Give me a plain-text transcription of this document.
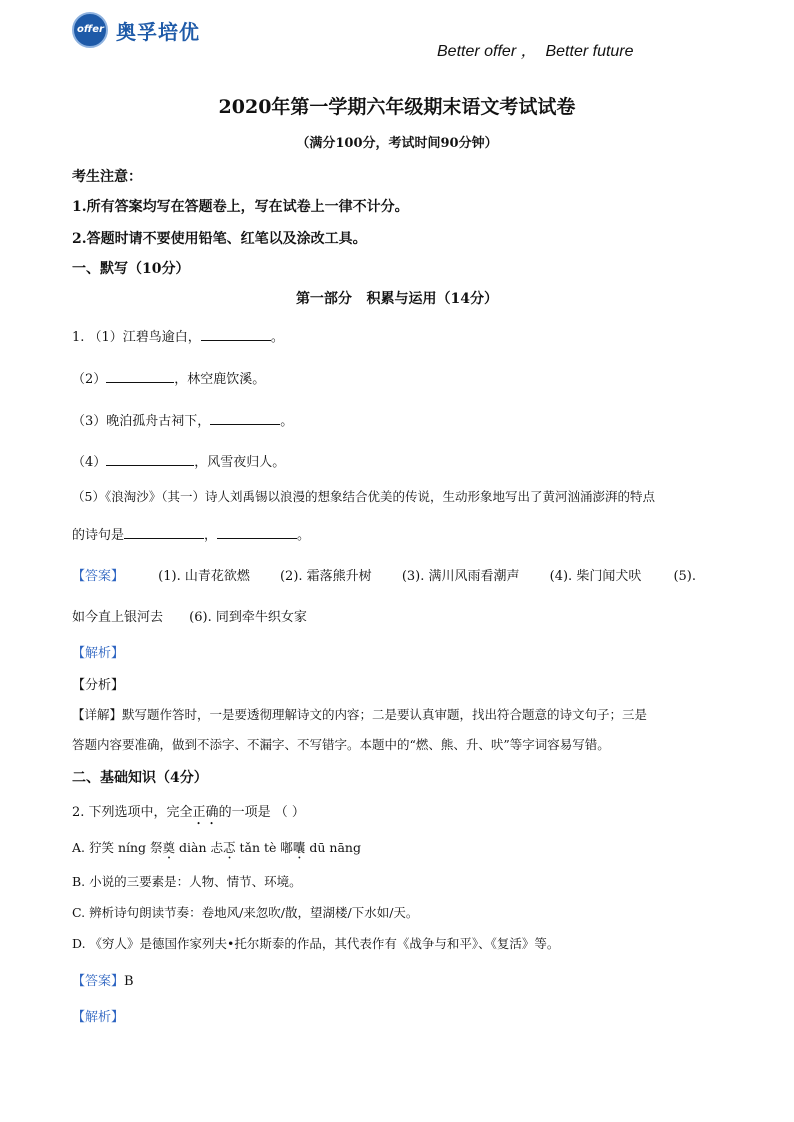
offer 奥孚培优
Better offer ，  Better future
2020年第一学期六年级期末语文考试试卷
（满分100分，考试时间90分钟）
考生注意：
1.所有答案均写在答题卷上，写在试卷上一律不计分。
2.答题时请不要使用铅笔、红笔以及涂改工具。
一、默写（10分）
第一部分   积累与运用（14分）
1. （1）江碧鸟逾白，	。
（2）	，林空鹿饮溪。
（3）晚泊孤舟古祠下，	。
（4）	，风雪夜归人。
（5）《浪淘沙》（其一）诗人刘禹锡以浪漫的想象结合优美的传说，生动形象地写出了黄河汹涌澎湃的特点
的诗句是	，	。
【答案】	(1). 山青花欲燃 (2). 霜落熊升树 (3). 满川风雨看潮声 (4). 柴门闻犬吠 (5).
如今直上银河去 (6). 同到牵牛织女家
【解析】
【分析】
【详解】默写题作答时，一是要透彻理解诗文的内容；二是要认真审题，找出符合题意的诗文句子；三是
答题内容要准确，做到不添字、不漏字、不写错字。本题中的“燃、熊、升、吠”等字词容易写错。
二、基础知识（4分）
2. 下列选项中，完全正确的一项是 （ ）
A. 狞笑 níng 祭奠 diàn 忐忑 tǎn tè 嘟囔 dū nāng
B. 小说的三要素是：人物、情节、环境。
C. 辨析诗句朗读节奏：卷地风/来忽吹/散，望湖楼/下水如/天。
D. 《穷人》是德国作家列夫•托尔斯泰的作品，其代表作有《战争与和平》、《复活》等。
【答案】B
【解析】
